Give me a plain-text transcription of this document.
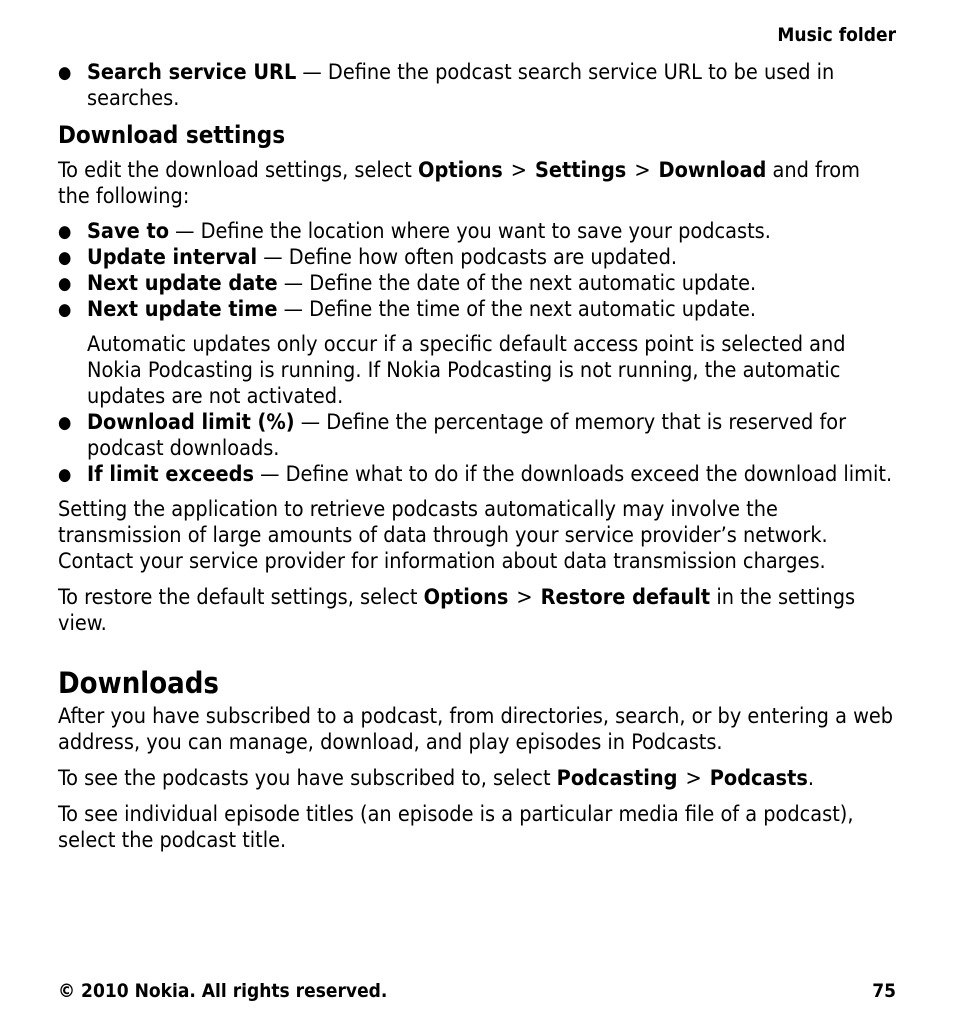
Music folder
● Search service URL — Define the podcast search service URL to be used in searches.
Download settings

To edit the download settings, select Options > Settings > Download and from the following:

● Save to — Define the location where you want to save your podcasts.
● Update interval — Define how often podcasts are updated.
● Next update date — Define the date of the next automatic update.
● Next update time — Define the time of the next automatic update.

Automatic updates only occur if a specific default access point is selected and Nokia Podcasting is running. If Nokia Podcasting is not running, the automatic updates are not activated.

● Download limit (%) — Define the percentage of memory that is reserved for podcast downloads.
● If limit exceeds — Define what to do if the downloads exceed the download limit.

Setting the application to retrieve podcasts automatically may involve the transmission of large amounts of data through your service provider’s network. Contact your service provider for information about data transmission charges.

To restore the default settings, select Options > Restore default in the settings view.

Downloads

After you have subscribed to a podcast, from directories, search, or by entering a web address, you can manage, download, and play episodes in Podcasts.

To see the podcasts you have subscribed to, select Podcasting > Podcasts.

To see individual episode titles (an episode is a particular media file of a podcast), select the podcast title.

© 2010 Nokia. All rights reserved.	75
